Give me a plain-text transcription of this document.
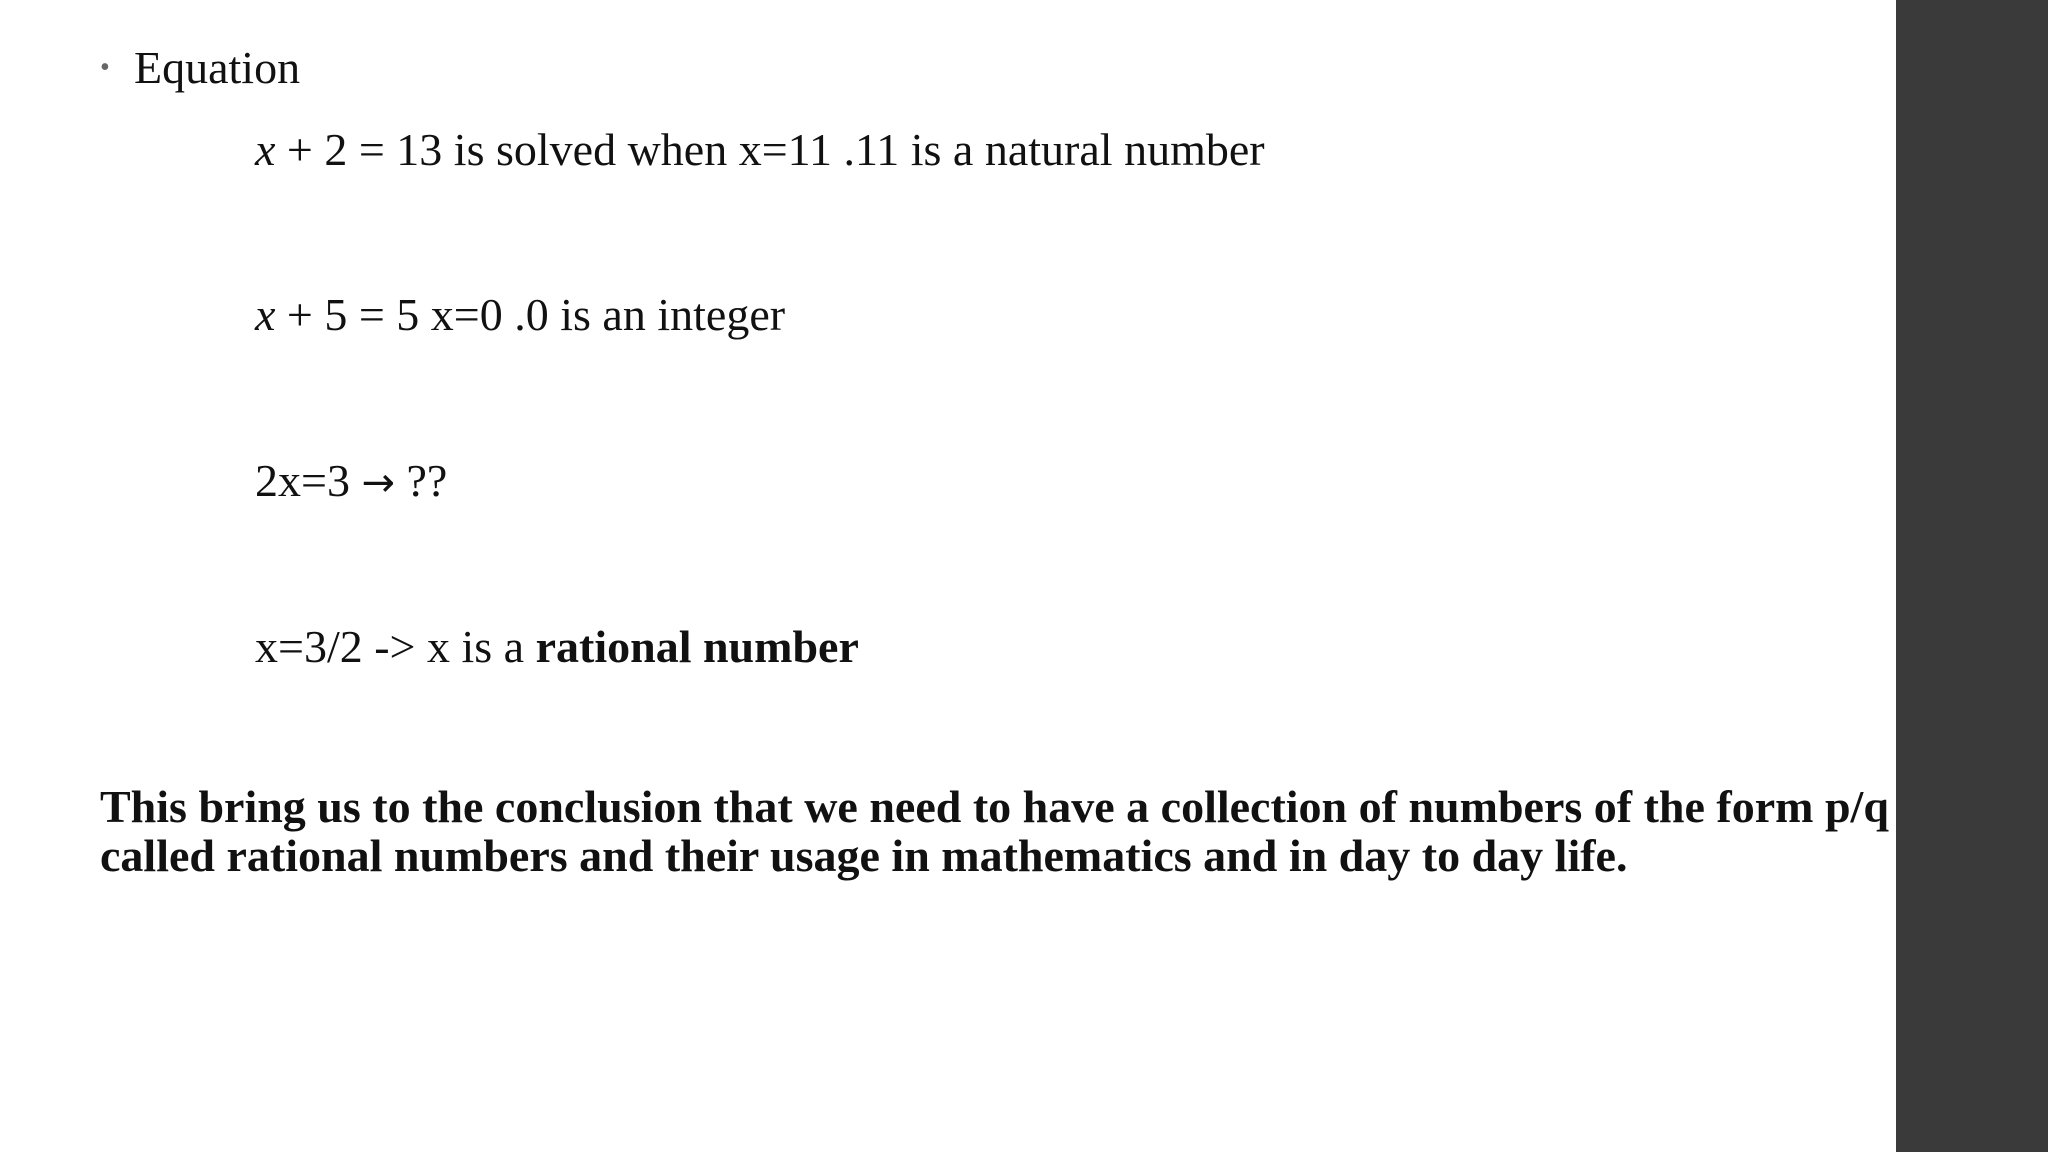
• Equation
x + 2 = 13 is solved when x=11 .11 is a natural number
x + 5 = 5 x=0 .0 is an integer
2x=3 → ??
x=3/2 -> x is a rational number

This bring us to the conclusion that we need to have a collection of numbers of the form p/q
called rational numbers and their usage in mathematics and in day to day life.
